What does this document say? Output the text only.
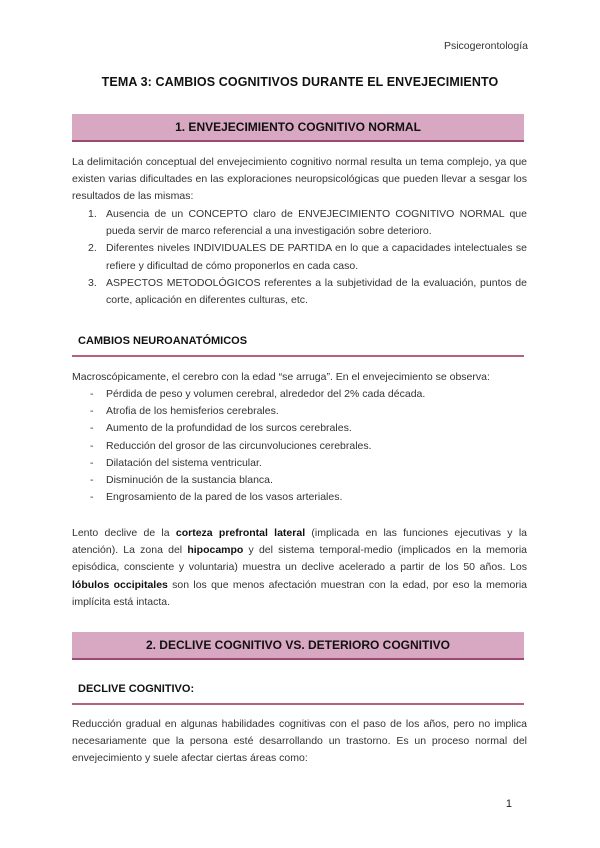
Psicogerontología
TEMA 3: CAMBIOS COGNITIVOS DURANTE EL ENVEJECIMIENTO
1. ENVEJECIMIENTO COGNITIVO NORMAL

La delimitación conceptual del envejecimiento cognitivo normal resulta un tema complejo, ya que existen varias dificultades en las exploraciones neuropsicológicas que pueden llevar a sesgar los resultados de las mismas:

1. Ausencia de un CONCEPTO claro de ENVEJECIMIENTO COGNITIVO NORMAL que pueda servir de marco referencial a una investigación sobre deterioro.
2. Diferentes niveles INDIVIDUALES DE PARTIDA en lo que a capacidades intelectuales se refiere y dificultad de cómo proponerlos en cada caso.
3. ASPECTOS METODOLÓGICOS referentes a la subjetividad de la evaluación, puntos de corte, aplicación en diferentes culturas, etc.
CAMBIOS NEUROANATÓMICOS

Macroscópicamente, el cerebro con la edad “se arruga”. En el envejecimiento se observa:

- Pérdida de peso y volumen cerebral, alrededor del 2% cada década.
- Atrofia de los hemisferios cerebrales.
- Aumento de la profundidad de los surcos cerebrales.
- Reducción del grosor de las circunvoluciones cerebrales.
- Dilatación del sistema ventricular.
- Disminución de la sustancia blanca.
- Engrosamiento de la pared de los vasos arteriales.

Lento declive de la corteza prefrontal lateral (implicada en las funciones ejecutivas y la atención). La zona del hipocampo y del sistema temporal-medio (implicados en la memoria episódica, consciente y voluntaria) muestra un declive acelerado a partir de los 50 años. Los lóbulos occipitales son los que menos afectación muestran con la edad, por eso la memoria implícita está intacta.

2. DECLIVE COGNITIVO VS. DETERIORO COGNITIVO
DECLIVE COGNITIVO:

Reducción gradual en algunas habilidades cognitivas con el paso de los años, pero no implica necesariamente que la persona esté desarrollando un trastorno. Es un proceso normal del envejecimiento y suele afectar ciertas áreas como:

1
